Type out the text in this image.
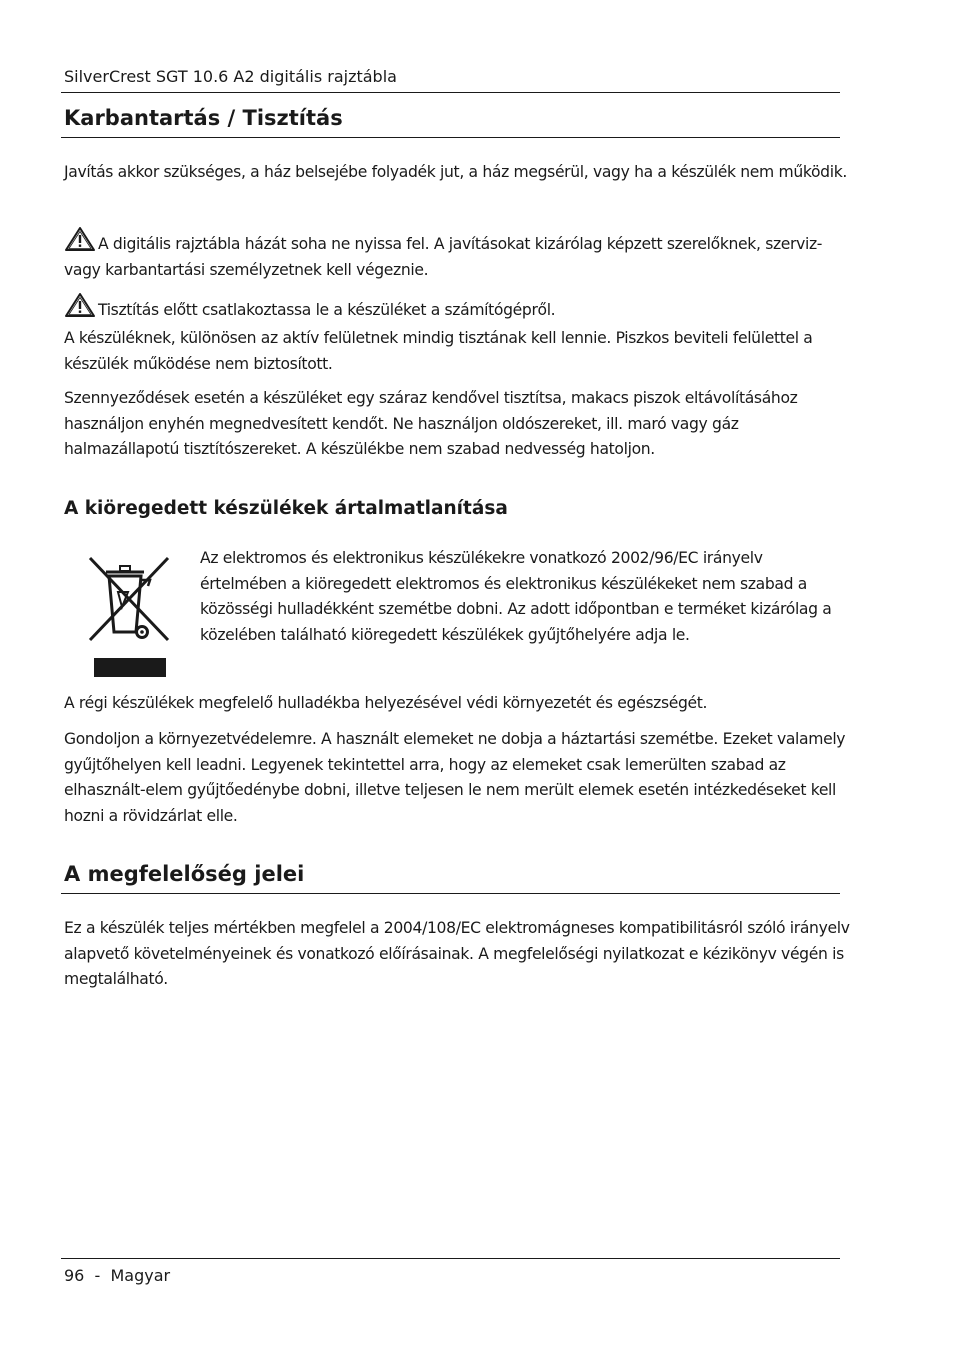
SilverCrest SGT 10.6 A2 digitális rajztábla
Karbantartás / Tisztítás

Javítás akkor szükséges, a ház belsejébe folyadék jut, a ház megsérül, vagy ha a készülék nem működik.

A digitális rajztábla házát soha ne nyissa fel. A javításokat kizárólag képzett szerelőknek, szerviz- vagy karbantartási személyzetnek kell végeznie.

Tisztítás előtt csatlakoztassa le a készüléket a számítógépről.

A készüléknek, különösen az aktív felületnek mindig tisztának kell lennie. Piszkos beviteli felülettel a készülék működése nem biztosított.

Szennyeződések esetén a készüléket egy száraz kendővel tisztítsa, makacs piszok eltávolításához használjon enyhén megnedvesített kendőt. Ne használjon oldószereket, ill. maró vagy gáz halmazállapotú tisztítószereket. A készülékbe nem szabad nedvesség hatoljon.

A kiöregedett készülékek ártalmatlanítása

Az elektromos és elektronikus készülékekre vonatkozó 2002/96/EC irányelv értelmében a kiöregedett elektromos és elektronikus készülékeket nem szabad a közösségi hulladékként szemétbe dobni. Az adott időpontban e terméket kizárólag a közelében található kiöregedett készülékek gyűjtőhelyére adja le.

A régi készülékek megfelelő hulladékba helyezésével védi környezetét és egészségét.

Gondoljon a környezetvédelemre. A használt elemeket ne dobja a háztartási szemétbe. Ezeket valamely gyűjtőhelyen kell leadni. Legyenek tekintettel arra, hogy az elemeket csak lemerülten szabad az elhasznált-elem gyűjtőedénybe dobni, illetve teljesen le nem merült elemek esetén intézkedéseket kell hozni a rövidzárlat elle.

A megfelelőség jelei

Ez a készülék teljes mértékben megfelel a 2004/108/EC elektromágneses kompatibilitásról szóló irányelv alapvető követelményeinek és vonatkozó előírásainak. A megfelelőségi nyilatkozat e kézikönyv végén is megtalálható.

96  -  Magyar
